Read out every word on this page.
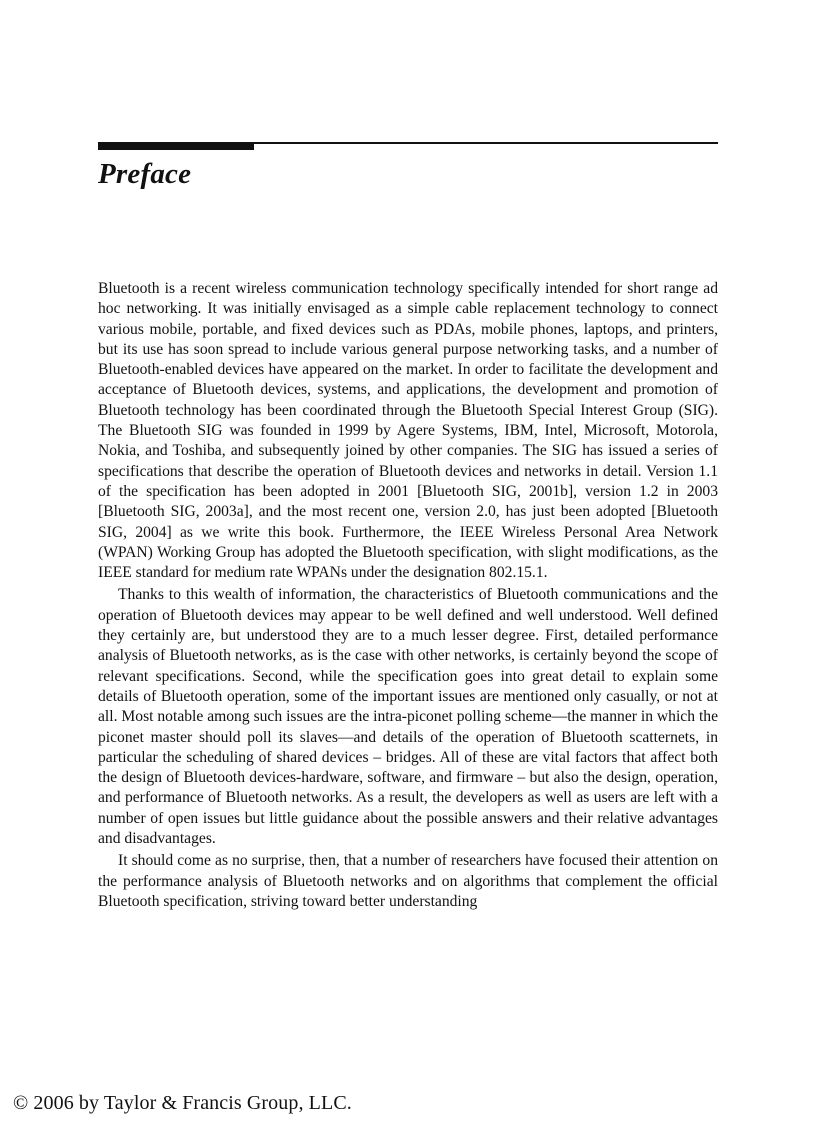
Preface

Bluetooth is a recent wireless communication technology specifically intended for short range ad hoc networking. It was initially envisaged as a simple cable replacement technology to connect various mobile, portable, and fixed devices such as PDAs, mobile phones, laptops, and printers, but its use has soon spread to include various general purpose networking tasks, and a number of Bluetooth-enabled devices have appeared on the market. In order to facilitate the development and acceptance of Bluetooth devices, systems, and applications, the development and promotion of Bluetooth technology has been coordinated through the Bluetooth Special Interest Group (SIG). The Bluetooth SIG was founded in 1999 by Agere Systems, IBM, Intel, Microsoft, Motorola, Nokia, and Toshiba, and subsequently joined by other companies. The SIG has issued a series of specifications that describe the operation of Bluetooth devices and networks in detail. Version 1.1 of the specification has been adopted in 2001 [Bluetooth SIG, 2001b], version 1.2 in 2003 [Bluetooth SIG, 2003a], and the most recent one, version 2.0, has just been adopted [Bluetooth SIG, 2004] as we write this book. Furthermore, the IEEE Wireless Personal Area Network (WPAN) Working Group has adopted the Bluetooth specification, with slight modifications, as the IEEE standard for medium rate WPANs under the designation 802.15.1.

Thanks to this wealth of information, the characteristics of Bluetooth communications and the operation of Bluetooth devices may appear to be well defined and well understood. Well defined they certainly are, but understood they are to a much lesser degree. First, detailed performance analysis of Bluetooth networks, as is the case with other networks, is certainly beyond the scope of relevant specifications. Second, while the specification goes into great detail to explain some details of Bluetooth operation, some of the important issues are mentioned only casually, or not at all. Most notable among such issues are the intra-piconet polling scheme—the manner in which the piconet master should poll its slaves—and details of the operation of Bluetooth scatternets, in particular the scheduling of shared devices – bridges. All of these are vital factors that affect both the design of Bluetooth devices-hardware, software, and firmware – but also the design, operation, and performance of Bluetooth networks. As a result, the developers as well as users are left with a number of open issues but little guidance about the possible answers and their relative advantages and disadvantages.

It should come as no surprise, then, that a number of researchers have focused their attention on the performance analysis of Bluetooth networks and on algorithms that complement the official Bluetooth specification, striving toward better understanding

© 2006 by Taylor & Francis Group, LLC.
